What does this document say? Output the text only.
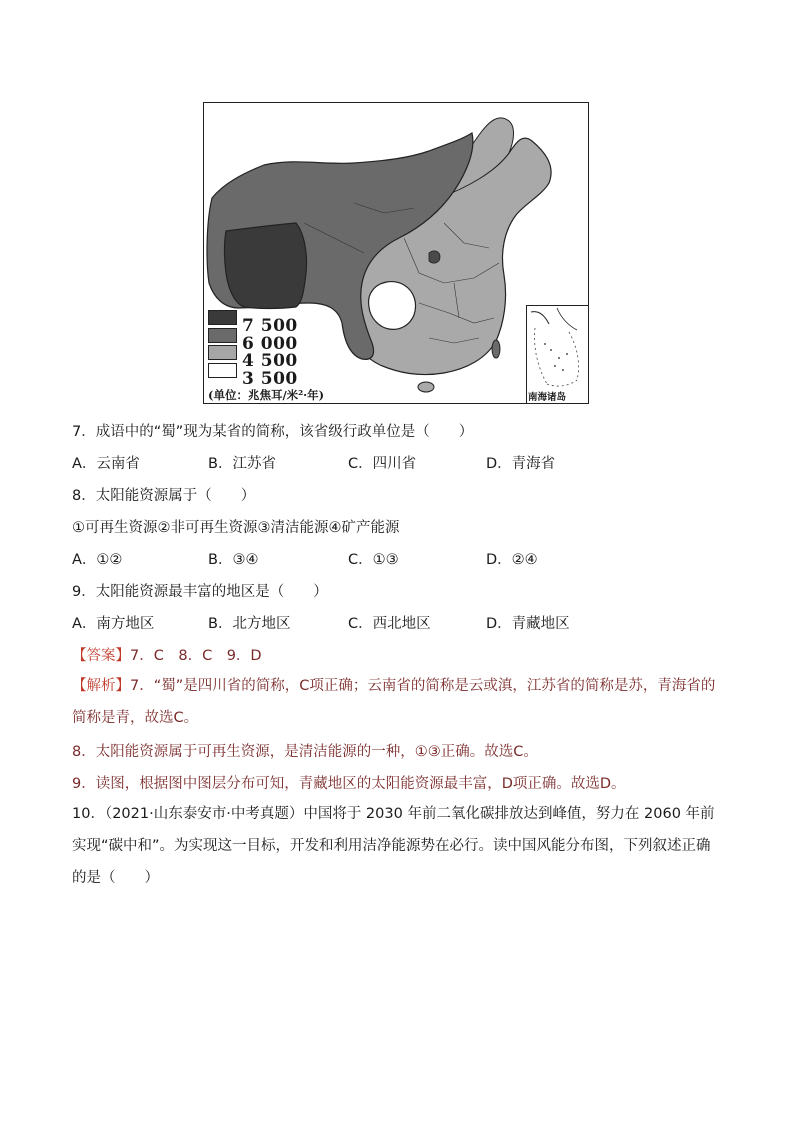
7 500
6 000
4 500
3 500
(单位：兆焦耳/米²·年)	南海诸岛
7．成语中的“蜀”现为某省的简称，该省级行政单位是（　　）
A．云南省	B．江苏省	C．四川省	D．青海省
8．太阳能资源属于（　　）
①可再生资源②非可再生资源③清洁能源④矿产能源
A．①②	B．③④	C．①③	D．②④
9．太阳能资源最丰富的地区是（　　）
A．南方地区	B．北方地区	C．西北地区	D．青藏地区
【答案】7．C　8．C　9．D
【解析】7．“蜀”是四川省的简称，C项正确；云南省的简称是云或滇，江苏省的简称是苏，青海省的简称是青，故选C。
8．太阳能资源属于可再生资源，是清洁能源的一种，①③正确。故选C。
9．读图，根据图中图层分布可知，青藏地区的太阳能资源最丰富，D项正确。故选D。
10．（2021·山东泰安市·中考真题）中国将于 2030 年前二氧化碳排放达到峰值，努力在 2060 年前实现“碳中和”。为实现这一目标，开发和利用洁净能源势在必行。读中国风能分布图，下列叙述正确的是（　　）
